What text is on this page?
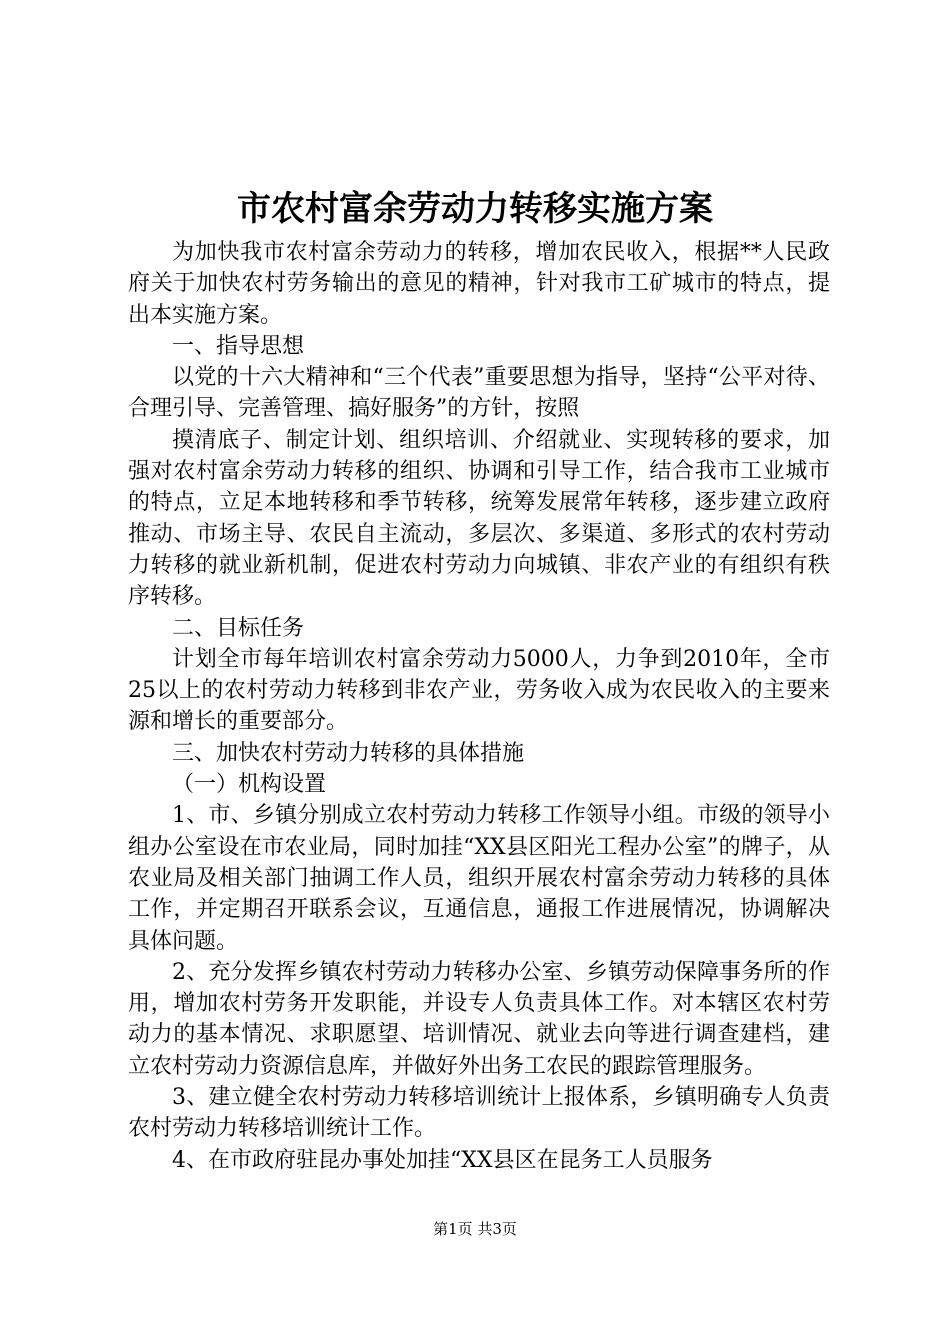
市农村富余劳动力转移实施方案

为加快我市农村富余劳动力的转移，增加农民收入，根据**人民政府关于加快农村劳务输出的意见的精神，针对我市工矿城市的特点，提出本实施方案。

一、指导思想

以党的十六大精神和“三个代表”重要思想为指导，坚持“公平对待、合理引导、完善管理、搞好服务”的方针，按照

摸清底子、制定计划、组织培训、介绍就业、实现转移的要求，加强对农村富余劳动力转移的组织、协调和引导工作，结合我市工业城市的特点，立足本地转移和季节转移，统筹发展常年转移，逐步建立政府推动、市场主导、农民自主流动，多层次、多渠道、多形式的农村劳动力转移的就业新机制，促进农村劳动力向城镇、非农产业的有组织有秩序转移。

二、目标任务

计划全市每年培训农村富余劳动力5000人，力争到2010年，全市25以上的农村劳动力转移到非农产业，劳务收入成为农民收入的主要来源和增长的重要部分。

三、加快农村劳动力转移的具体措施

（一）机构设置

1、市、乡镇分别成立农村劳动力转移工作领导小组。市级的领导小组办公室设在市农业局，同时加挂“XX县区阳光工程办公室”的牌子，从农业局及相关部门抽调工作人员，组织开展农村富余劳动力转移的具体工作，并定期召开联系会议，互通信息，通报工作进展情况，协调解决具体问题。

2、充分发挥乡镇农村劳动力转移办公室、乡镇劳动保障事务所的作用，增加农村劳务开发职能，并设专人负责具体工作。对本辖区农村劳动力的基本情况、求职愿望、培训情况、就业去向等进行调查建档，建立农村劳动力资源信息库，并做好外出务工农民的跟踪管理服务。

3、建立健全农村劳动力转移培训统计上报体系，乡镇明确专人负责农村劳动力转移培训统计工作。

4、在市政府驻昆办事处加挂“XX县区在昆务工人员服务

第1页 共3页
